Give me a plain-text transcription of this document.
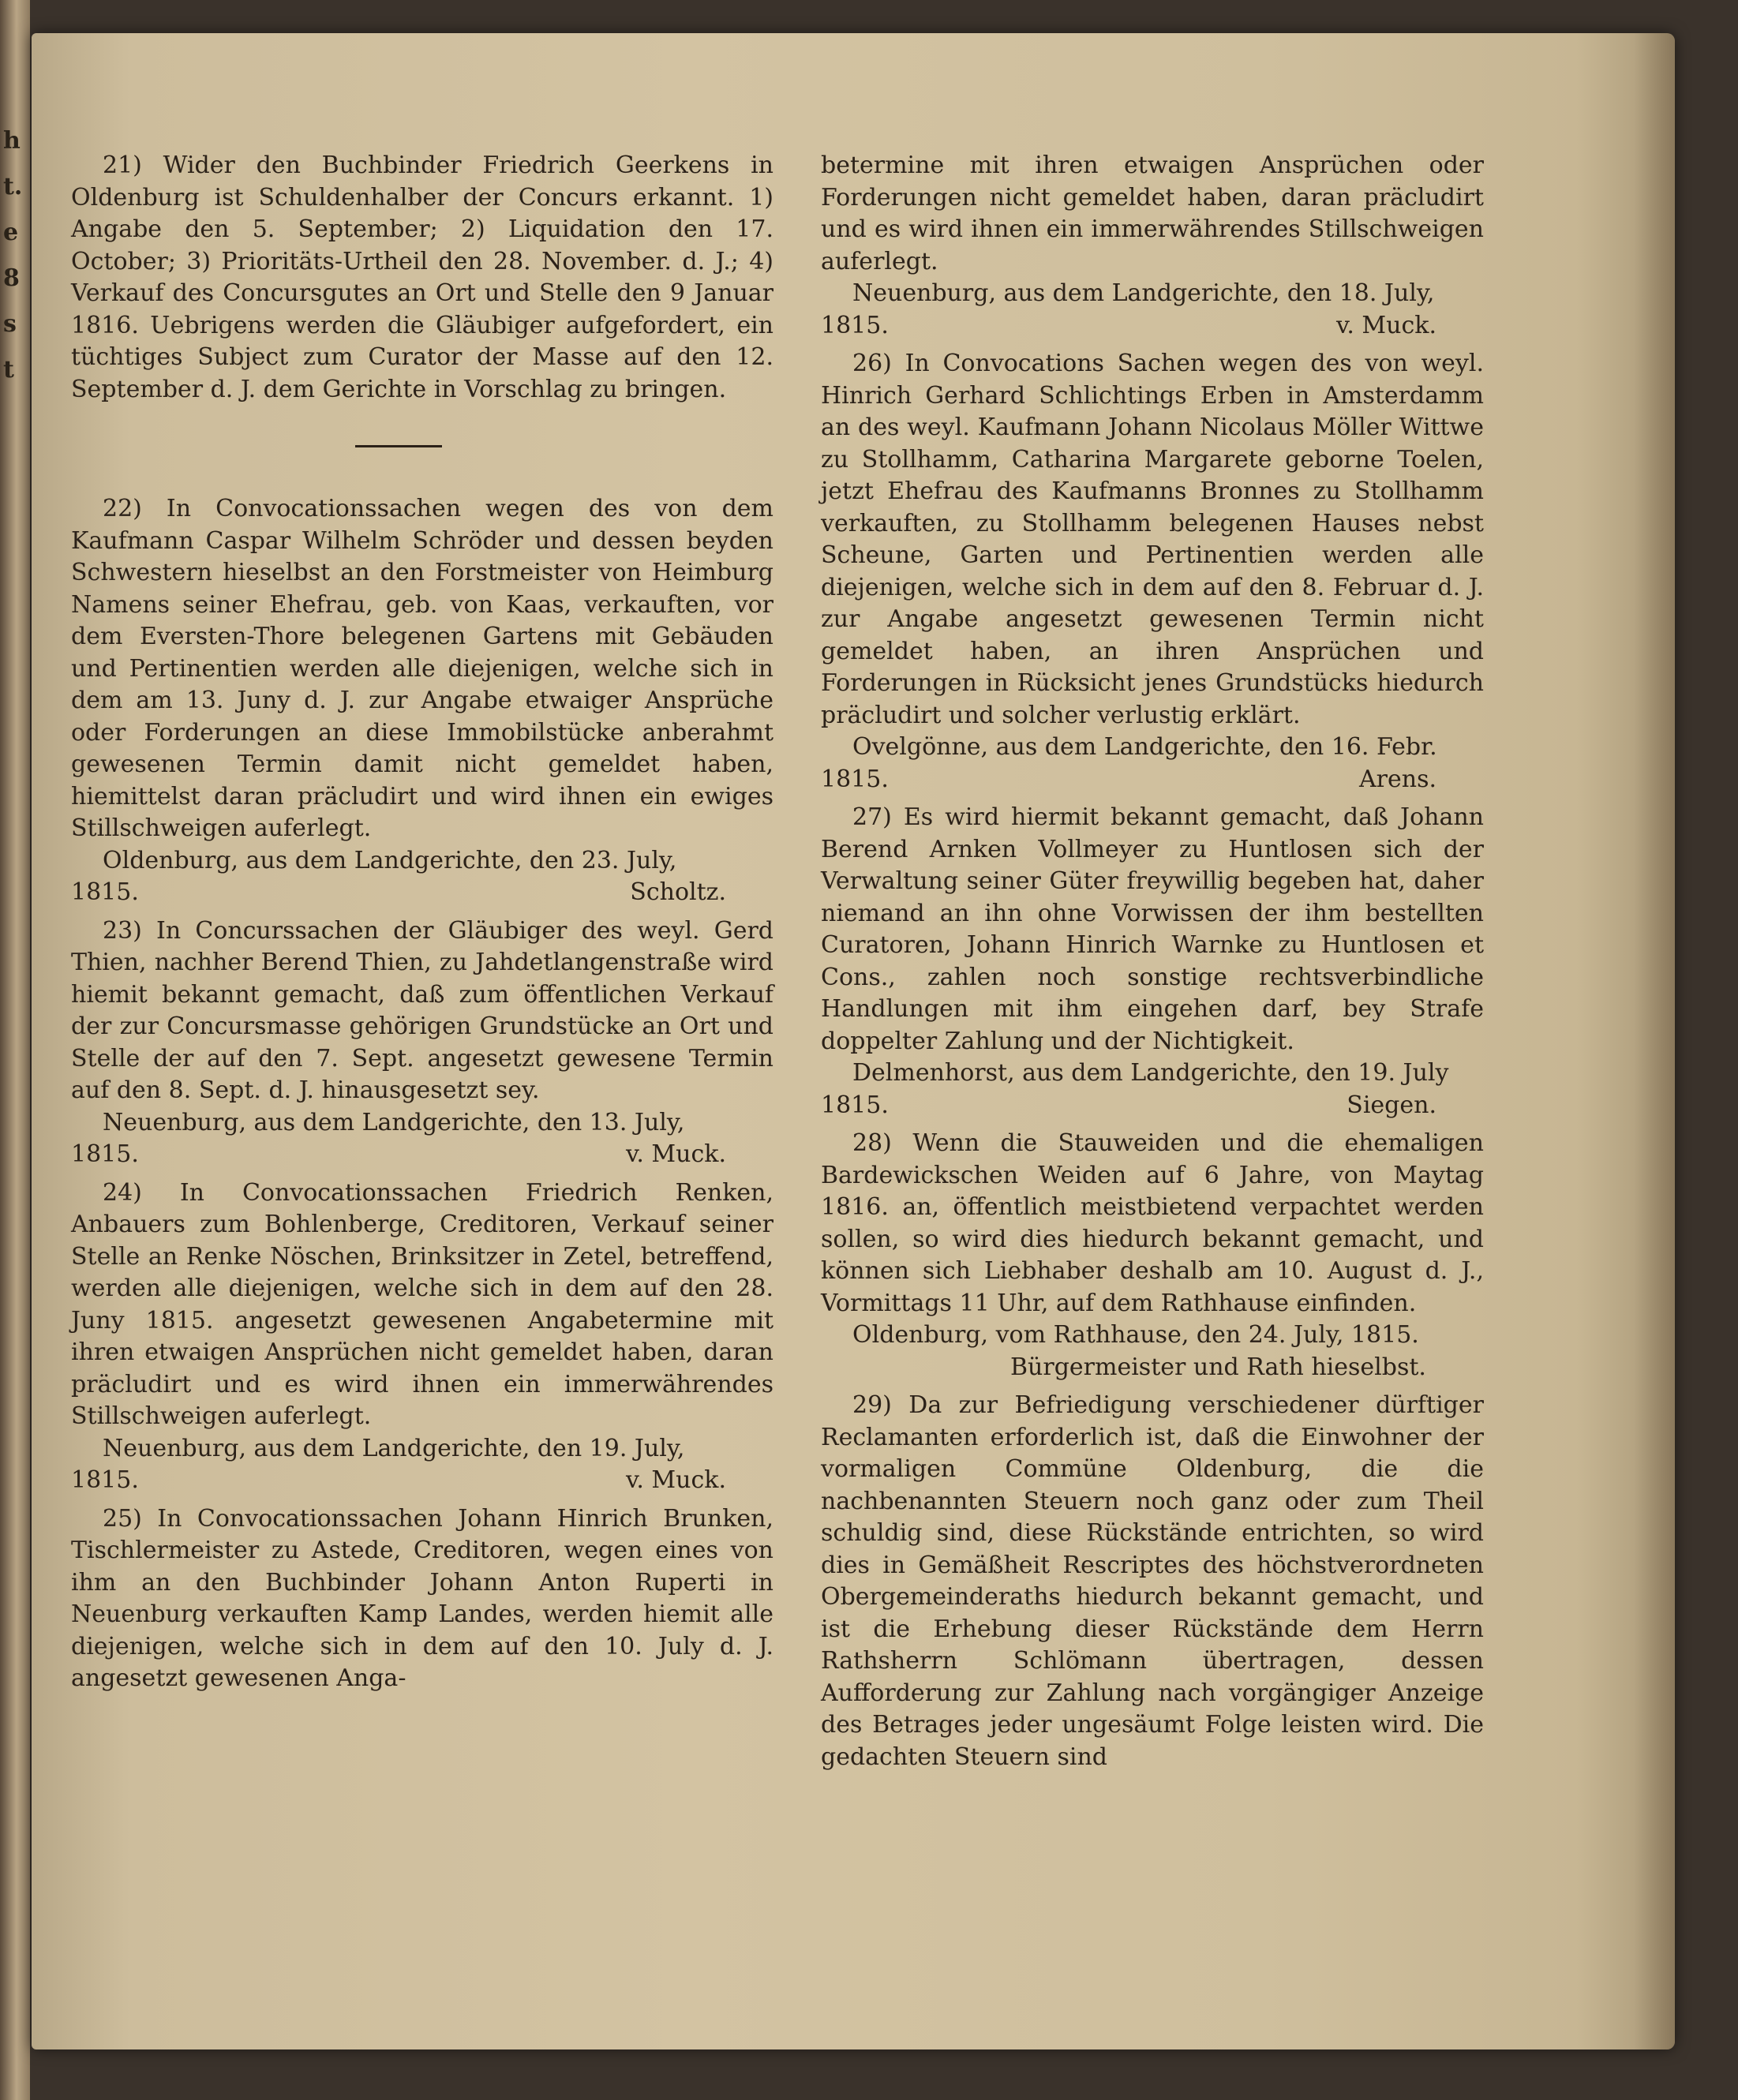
h
t.
e
8
s
t

21) Wider den Buchbinder Friedrich Geerkens in Oldenburg ist Schuldenhalber der Concurs erkannt. 1) Angabe den 5. September; 2) Liquidation den 17. October; 3) Prioritäts-Urtheil den 28. November. d. J.; 4) Verkauf des Concursgutes an Ort und Stelle den 9 Januar 1816. Uebrigens werden die Gläubiger aufgefordert, ein tüchtiges Subject zum Curator der Masse auf den 12. September d. J. dem Gerichte in Vorschlag zu bringen.

22) In Convocationssachen wegen des von dem Kaufmann Caspar Wilhelm Schröder und dessen beyden Schwestern hieselbst an den Forstmeister von Heimburg Namens seiner Ehefrau, geb. von Kaas, verkauften, vor dem Eversten-Thore belegenen Gartens mit Gebäuden und Pertinentien werden alle diejenigen, welche sich in dem am 13. Juny d. J. zur Angabe etwaiger Ansprüche oder Forderungen an diese Immobilstücke anberahmt gewesenen Termin damit nicht gemeldet haben, hiemittelst daran präcludirt und wird ihnen ein ewiges Stillschweigen auferlegt.

Oldenburg, aus dem Landgerichte, den 23. July,

1815.	Scholtz.

23) In Concurssachen der Gläubiger des weyl. Gerd Thien, nachher Berend Thien, zu Jahdetlangenstraße wird hiemit bekannt gemacht, daß zum öffentlichen Verkauf der zur Concursmasse gehörigen Grundstücke an Ort und Stelle der auf den 7. Sept. angesetzt gewesene Termin auf den 8. Sept. d. J. hinausgesetzt sey.

Neuenburg, aus dem Landgerichte, den 13. July,

1815.	v. Muck.

24) In Convocationssachen Friedrich Renken, Anbauers zum Bohlenberge, Creditoren, Verkauf seiner Stelle an Renke Nöschen, Brinksitzer in Zetel, betreffend, werden alle diejenigen, welche sich in dem auf den 28. Juny 1815. angesetzt gewesenen Angabetermine mit ihren etwaigen Ansprüchen nicht gemeldet haben, daran präcludirt und es wird ihnen ein immerwährendes Stillschweigen auferlegt.

Neuenburg, aus dem Landgerichte, den 19. July,

1815.	v. Muck.

25) In Convocationssachen Johann Hinrich Brunken, Tischlermeister zu Astede, Creditoren, wegen eines von ihm an den Buchbinder Johann Anton Ruperti in Neuenburg verkauften Kamp Landes, werden hiemit alle diejenigen, welche sich in dem auf den 10. July d. J. angesetzt gewesenen Anga-

betermine mit ihren etwaigen Ansprüchen oder Forderungen nicht gemeldet haben, daran präcludirt und es wird ihnen ein immerwährendes Stillschweigen auferlegt.

Neuenburg, aus dem Landgerichte, den 18. July,

1815.	v. Muck.

26) In Convocations Sachen wegen des von weyl. Hinrich Gerhard Schlichtings Erben in Amsterdamm an des weyl. Kaufmann Johann Nicolaus Möller Wittwe zu Stollhamm, Catharina Margarete geborne Toelen, jetzt Ehefrau des Kaufmanns Bronnes zu Stollhamm verkauften, zu Stollhamm belegenen Hauses nebst Scheune, Garten und Pertinentien werden alle diejenigen, welche sich in dem auf den 8. Februar d. J. zur Angabe angesetzt gewesenen Termin nicht gemeldet haben, an ihren Ansprüchen und Forderungen in Rücksicht jenes Grundstücks hiedurch präcludirt und solcher verlustig erklärt.

Ovelgönne, aus dem Landgerichte, den 16. Febr.

1815.	Arens.

27) Es wird hiermit bekannt gemacht, daß Johann Berend Arnken Vollmeyer zu Huntlosen sich der Verwaltung seiner Güter freywillig begeben hat, daher niemand an ihn ohne Vorwissen der ihm bestellten Curatoren, Johann Hinrich Warnke zu Huntlosen et Cons., zahlen noch sonstige rechtsverbindliche Handlungen mit ihm eingehen darf, bey Strafe doppelter Zahlung und der Nichtigkeit.

Delmenhorst, aus dem Landgerichte, den 19. July

1815.	Siegen.

28) Wenn die Stauweiden und die ehemaligen Bardewickschen Weiden auf 6 Jahre, von Maytag 1816. an, öffentlich meistbietend verpachtet werden sollen, so wird dies hiedurch bekannt gemacht, und können sich Liebhaber deshalb am 10. August d. J., Vormittags 11 Uhr, auf dem Rathhause einfinden.

Oldenburg, vom Rathhause, den 24. July, 1815.

Bürgermeister und Rath hieselbst.

29) Da zur Befriedigung verschiedener dürftiger Reclamanten erforderlich ist, daß die Einwohner der vormaligen Commüne Oldenburg, die die nachbenannten Steuern noch ganz oder zum Theil schuldig sind, diese Rückstände entrichten, so wird dies in Gemäßheit Rescriptes des höchstverordneten Obergemeinderaths hiedurch bekannt gemacht, und ist die Erhebung dieser Rückstände dem Herrn Rathsherrn Schlömann übertragen, dessen Aufforderung zur Zahlung nach vorgängiger Anzeige des Betrages jeder ungesäumt Folge leisten wird. Die gedachten Steuern sind
